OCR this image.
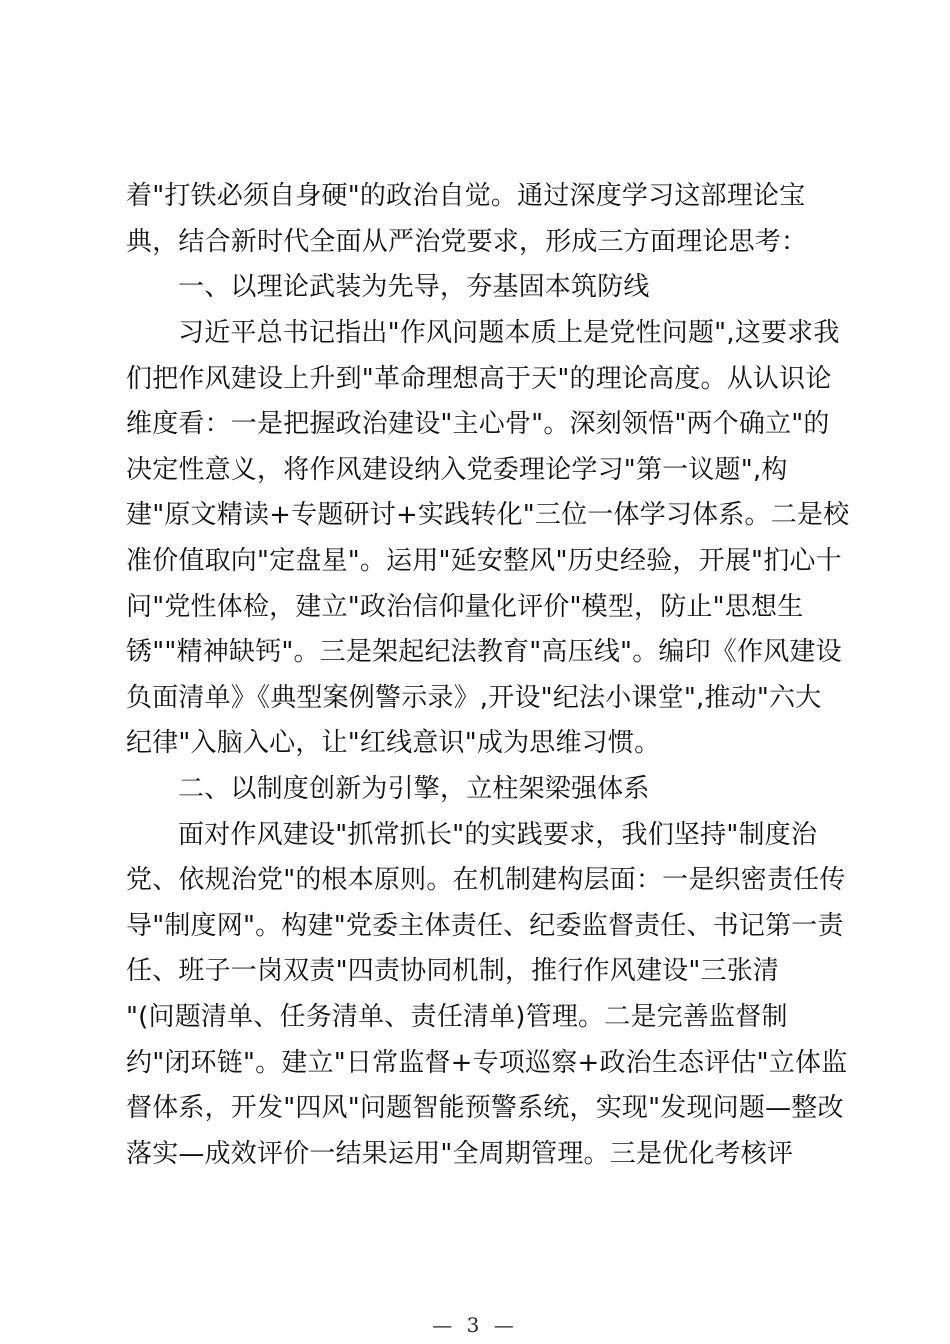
着"打铁必须自身硬"的政治自觉。通过深度学习这部理论宝
典，结合新时代全面从严治党要求，形成三方面理论思考：
一、以理论武装为先导，夯基固本筑防线
习近平总书记指出"作风问题本质上是党性问题",这要求我
们把作风建设上升到"革命理想高于天"的理论高度。从认识论
维度看：一是把握政治建设"主心骨"。深刻领悟"两个确立"的
决定性意义，将作风建设纳入党委理论学习"第一议题",构
建"原文精读+专题研讨+实践转化"三位一体学习体系。二是校
准价值取向"定盘星"。运用"延安整风"历史经验，开展"扪心十
问"党性体检，建立"政治信仰量化评价"模型，防止"思想生
锈""精神缺钙"。三是架起纪法教育"高压线"。编印《作风建设
负面清单》《典型案例警示录》,开设"纪法小课堂",推动"六大
纪律"入脑入心，让"红线意识"成为思维习惯。
二、以制度创新为引擎，立柱架梁强体系
面对作风建设"抓常抓长"的实践要求，我们坚持"制度治
党、依规治党"的根本原则。在机制建构层面：一是织密责任传
导"制度网"。构建"党委主体责任、纪委监督责任、书记第一责
任、班子一岗双责"四责协同机制，推行作风建设"三张清
"(问题清单、任务清单、责任清单)管理。二是完善监督制
约"闭环链"。建立"日常监督+专项巡察+政治生态评估"立体监
督体系，开发"四风"问题智能预警系统，实现"发现问题—整改
落实—成效评价一结果运用"全周期管理。三是优化考核评
— 3 —
